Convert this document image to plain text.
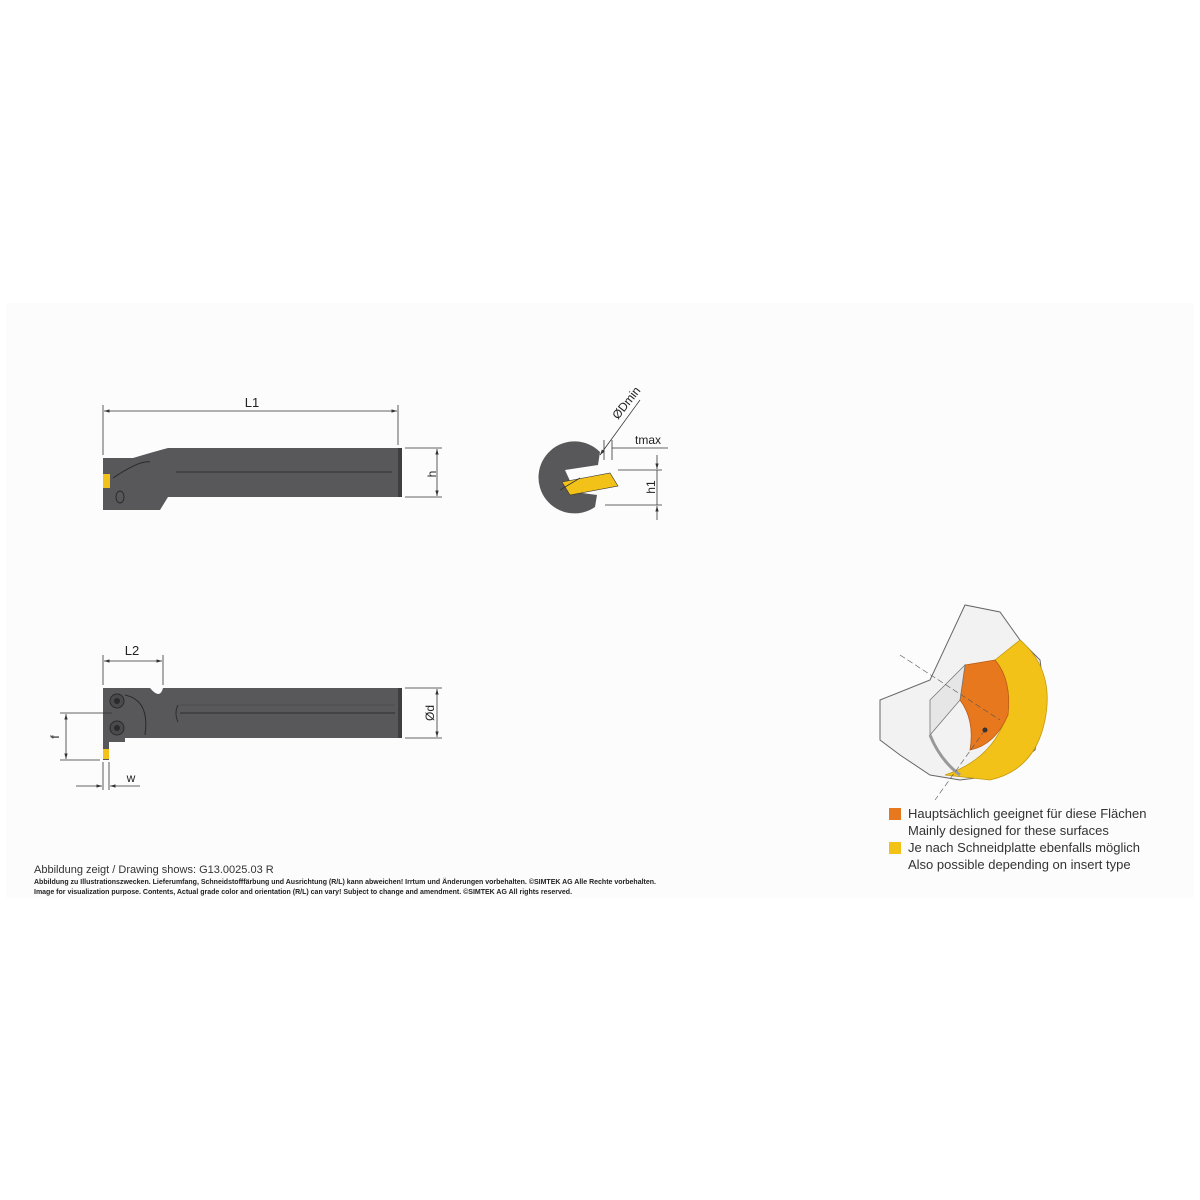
L1
h
ØDmin
tmax
h1
L2
Ød
f
w
Abbildung zeigt / Drawing shows: G13.0025.03 R
Abbildung zu Illustrationszwecken. Lieferumfang, Schneidstofffärbung und Ausrichtung (R/L) kann abweichen! Irrtum und Änderungen vorbehalten. ©SIMTEK AG Alle Rechte vorbehalten.
Image for visualization purpose. Contents, Actual grade color and orientation (R/L) can vary! Subject to change and amendment. ©SIMTEK AG All rights reserved.
Hauptsächlich geeignet für diese Flächen
Mainly designed for these surfaces
Je nach Schneidplatte ebenfalls möglich
Also possible depending on insert type
